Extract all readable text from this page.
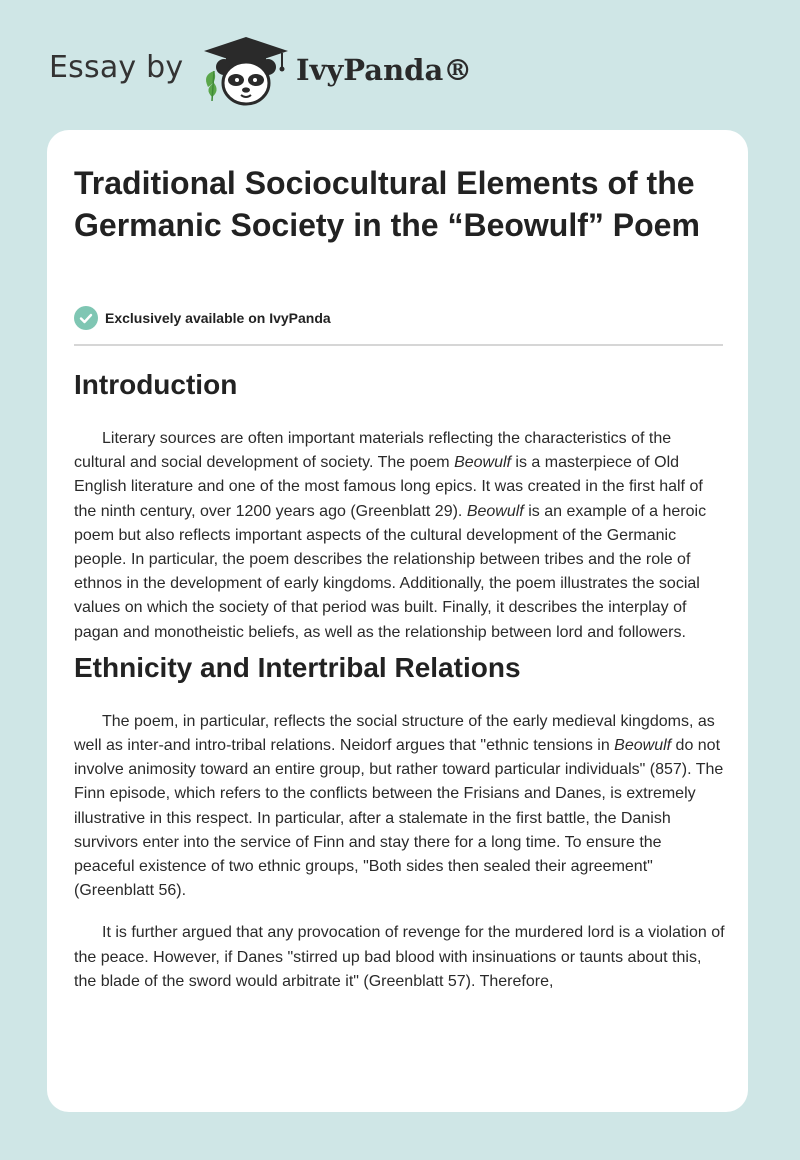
Essay by	IvyPanda®
Traditional Sociocultural Elements of the Germanic Society in the “Beowulf” Poem
Exclusively available on IvyPanda
Introduction

Literary sources are often important materials reflecting the characteristics of the cultural and social development of society. The poem Beowulf is a masterpiece of Old English literature and one of the most famous long epics. It was created in the first half of the ninth century, over 1200 years ago (Greenblatt 29). Beowulf is an example of a heroic poem but also reflects important aspects of the cultural development of the Germanic people. In particular, the poem describes the relationship between tribes and the role of ethnos in the development of early kingdoms. Additionally, the poem illustrates the social values on which the society of that period was built. Finally, it describes the interplay of pagan and monotheistic beliefs, as well as the relationship between lord and followers.

Ethnicity and Intertribal Relations

The poem, in particular, reflects the social structure of the early medieval kingdoms, as well as inter-and intro-tribal relations. Neidorf argues that "ethnic tensions in Beowulf do not involve animosity toward an entire group, but rather toward particular individuals" (857). The Finn episode, which refers to the conflicts between the Frisians and Danes, is extremely illustrative in this respect. In particular, after a stalemate in the first battle, the Danish survivors enter into the service of Finn and stay there for a long time. To ensure the peaceful existence of two ethnic groups, "Both sides then sealed their agreement" (Greenblatt 56).

It is further argued that any provocation of revenge for the murdered lord is a violation of the peace. However, if Danes "stirred up bad blood with insinuations or taunts about this, the blade of the sword would arbitrate it" (Greenblatt 57). Therefore,
